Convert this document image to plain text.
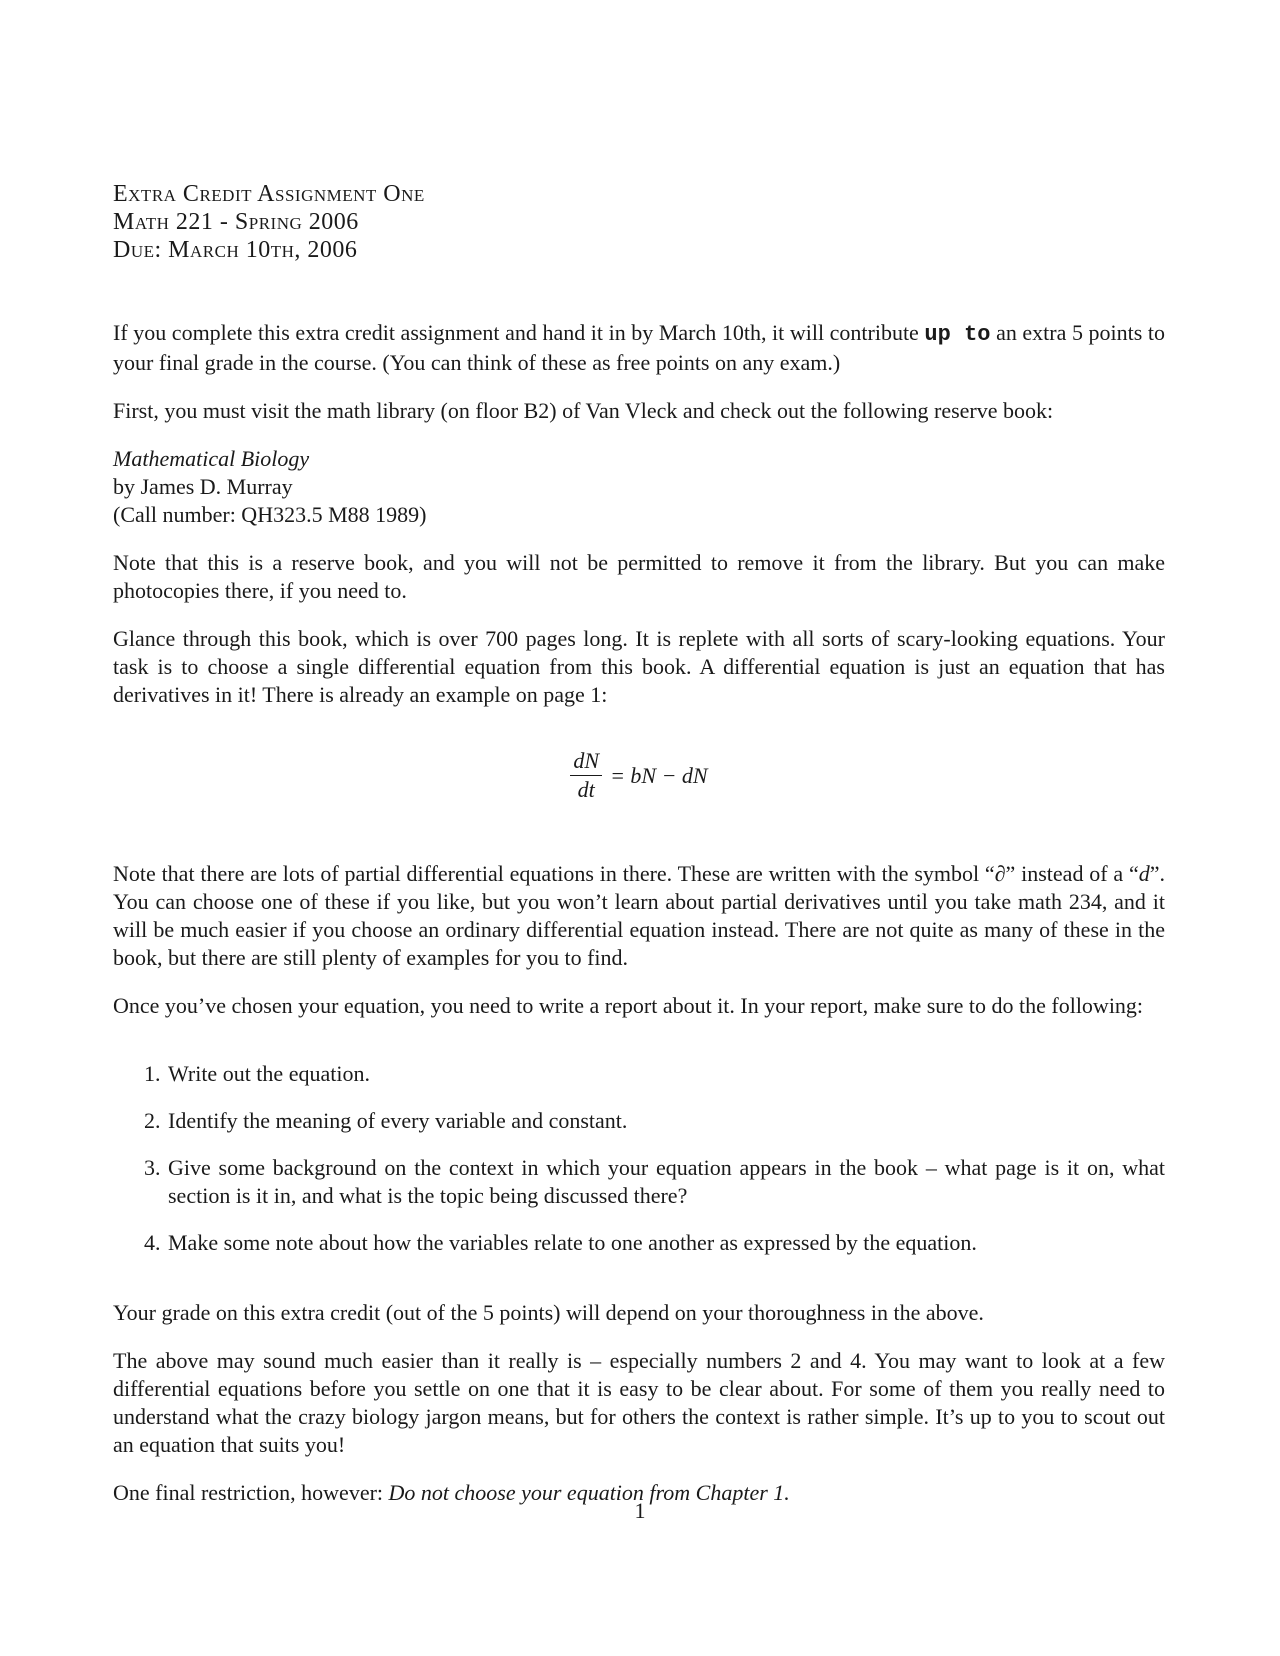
Extra Credit Assignment One
Math 221 - Spring 2006
Due: March 10th, 2006

If you complete this extra credit assignment and hand it in by March 10th, it will contribute up to an extra 5 points to your final grade in the course. (You can think of these as free points on any exam.)

First, you must visit the math library (on floor B2) of Van Vleck and check out the following reserve book:

Mathematical Biology
by James D. Murray
(Call number: QH323.5 M88 1989)

Note that this is a reserve book, and you will not be permitted to remove it from the library. But you can make photocopies there, if you need to.

Glance through this book, which is over 700 pages long. It is replete with all sorts of scary-looking equations. Your task is to choose a single differential equation from this book. A differential equation is just an equation that has derivatives in it! There is already an example on page 1:

$\frac{dN}{dt}$ = bN − dN

Note that there are lots of partial differential equations in there. These are written with the symbol “∂” instead of a “d”. You can choose one of these if you like, but you won’t learn about partial derivatives until you take math 234, and it will be much easier if you choose an ordinary differential equation instead. There are not quite as many of these in the book, but there are still plenty of examples for you to find.

Once you’ve chosen your equation, you need to write a report about it. In your report, make sure to do the following:

1. Write out the equation.
2. Identify the meaning of every variable and constant.
3. Give some background on the context in which your equation appears in the book – what page is it on, what section is it in, and what is the topic being discussed there?
4. Make some note about how the variables relate to one another as expressed by the equation.

Your grade on this extra credit (out of the 5 points) will depend on your thoroughness in the above.

The above may sound much easier than it really is – especially numbers 2 and 4. You may want to look at a few differential equations before you settle on one that it is easy to be clear about. For some of them you really need to understand what the crazy biology jargon means, but for others the context is rather simple. It’s up to you to scout out an equation that suits you!

One final restriction, however: Do not choose your equation from Chapter 1.

1
